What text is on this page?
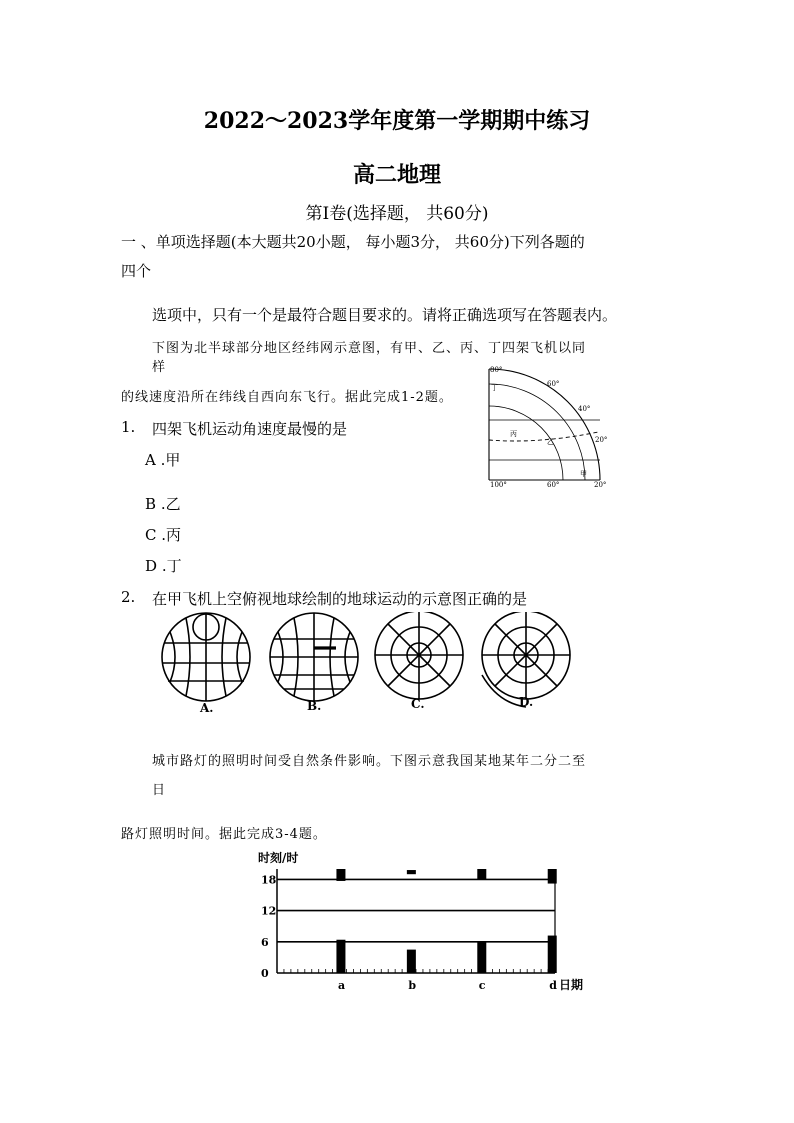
2022～2023学年度第一学期期中练习
高二地理
第Ⅰ卷(选择题， 共60分)
一 、单项选择题(本大题共20小题， 每小题3分， 共60分)下列各题的
四个
选项中，只有一个是最符合题目要求的。请将正确选项写在答题表内。
下图为北半球部分地区经纬网示意图，有甲、乙、丙、丁四架飞机以同
样
的线速度沿所在纬线自西向东飞行。据此完成1-2题。
80°
60°
40°
20°
100°	60°	20°
丁
丙
乙
甲
1. 四架飞机运动角速度最慢的是
A .甲
B .乙
C .丙
D .丁
2. 在甲飞机上空俯视地球绘制的地球运动的示意图正确的是
A.	B.	C.	D.
城市路灯的照明时间受自然条件影响。下图示意我国某地某年二分二至
日
路灯照明时间。据此完成3-4题。
时刻/时
日期
0
6
12
18
a	b	c	d
